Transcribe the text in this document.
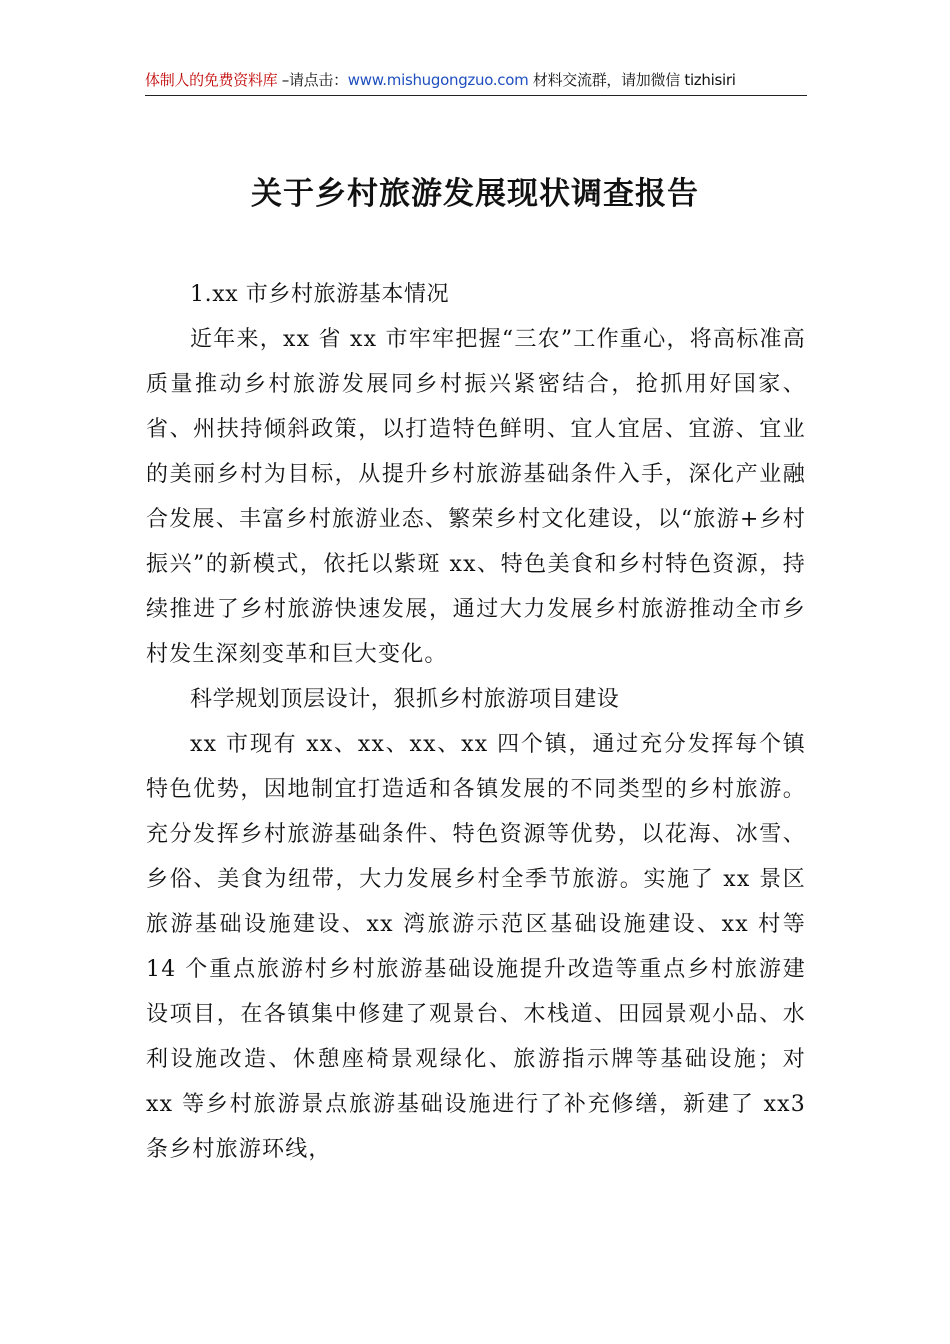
体制人的免费资料库 –请点击：www.mishugongzuo.com 材料交流群，请加微信 tizhisiri
关于乡村旅游发展现状调查报告

1.xx 市乡村旅游基本情况

近年来，xx 省 xx 市牢牢把握“三农”工作重心，将高标准高质量推动乡村旅游发展同乡村振兴紧密结合，抢抓用好国家、省、州扶持倾斜政策，以打造特色鲜明、宜人宜居、宜游、宜业的美丽乡村为目标，从提升乡村旅游基础条件入手，深化产业融合发展、丰富乡村旅游业态、繁荣乡村文化建设，以“旅游+乡村振兴”的新模式，依托以紫斑 xx、特色美食和乡村特色资源，持续推进了乡村旅游快速发展，通过大力发展乡村旅游推动全市乡村发生深刻变革和巨大变化。

科学规划顶层设计，狠抓乡村旅游项目建设

xx 市现有 xx、xx、xx、xx 四个镇，通过充分发挥每个镇特色优势，因地制宜打造适和各镇发展的不同类型的乡村旅游。充分发挥乡村旅游基础条件、特色资源等优势，以花海、冰雪、乡俗、美食为纽带，大力发展乡村全季节旅游。实施了 xx 景区旅游基础设施建设、xx 湾旅游示范区基础设施建设、xx 村等 14 个重点旅游村乡村旅游基础设施提升改造等重点乡村旅游建设项目，在各镇集中修建了观景台、木栈道、田园景观小品、水利设施改造、休憩座椅景观绿化、旅游指示牌等基础设施；对 xx 等乡村旅游景点旅游基础设施进行了补充修缮，新建了 xx3 条乡村旅游环线，
